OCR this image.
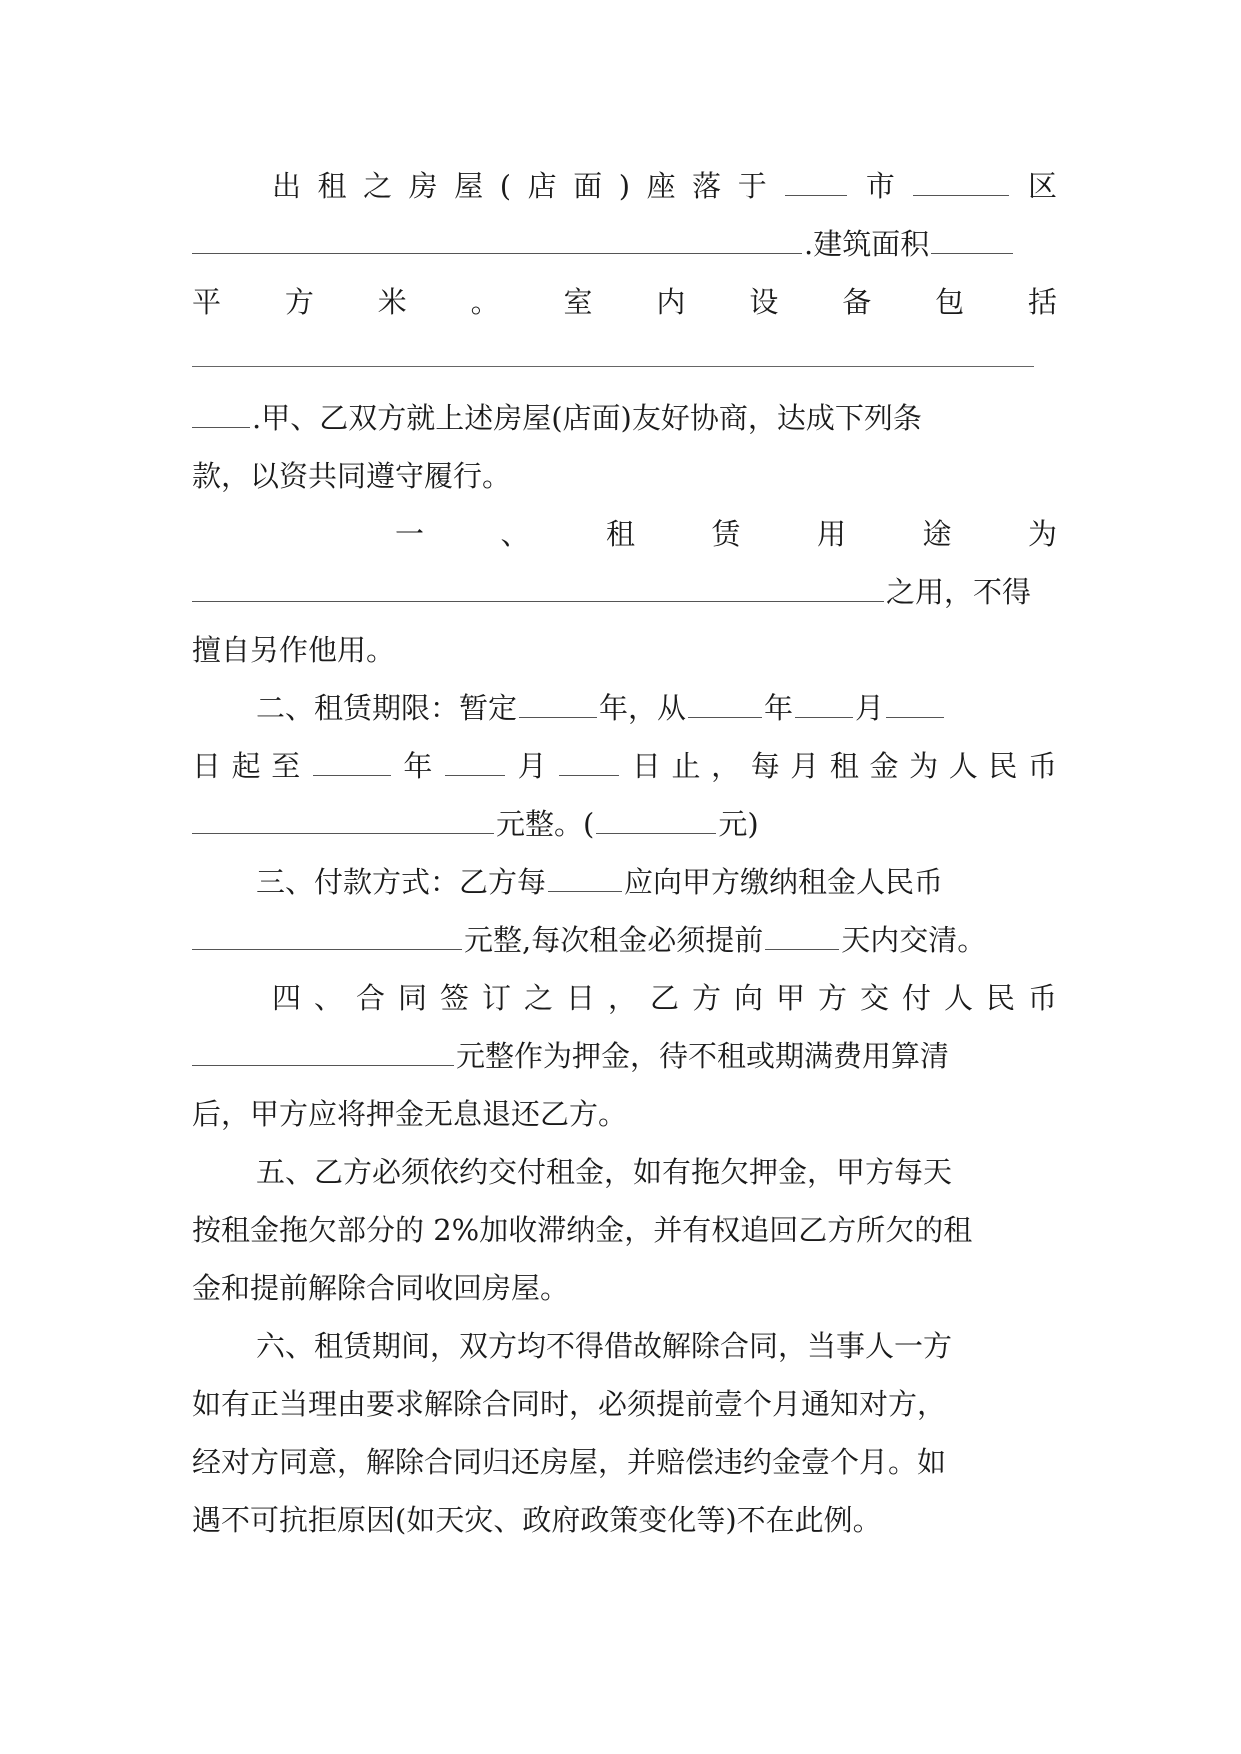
出租之房屋(店面)座落于 市	区
.建筑面积
平方米。室内设备包括
.甲、乙双方就上述房屋(店面)友好协商，达成下列条
款，以资共同遵守履行。
一、租赁用途为
之用，不得
擅自另作他用。
二、租赁期限：暂定	年，从	年 月
日起至	年 月 日止，每月租金为人民币
元整。(	元)
三、付款方式：乙方每	应向甲方缴纳租金人民币
元整,每次租金必须提前	天内交清。
四、合同签订之日，乙方向甲方交付人民币
元整作为押金，待不租或期满费用算清
后，甲方应将押金无息退还乙方。
五、乙方必须依约交付租金，如有拖欠押金，甲方每天
按租金拖欠部分的 2%加收滞纳金，并有权追回乙方所欠的租
金和提前解除合同收回房屋。
六、租赁期间，双方均不得借故解除合同，当事人一方
如有正当理由要求解除合同时，必须提前壹个月通知对方，
经对方同意，解除合同归还房屋，并赔偿违约金壹个月。如
遇不可抗拒原因(如天灾、政府政策变化等)不在此例。
